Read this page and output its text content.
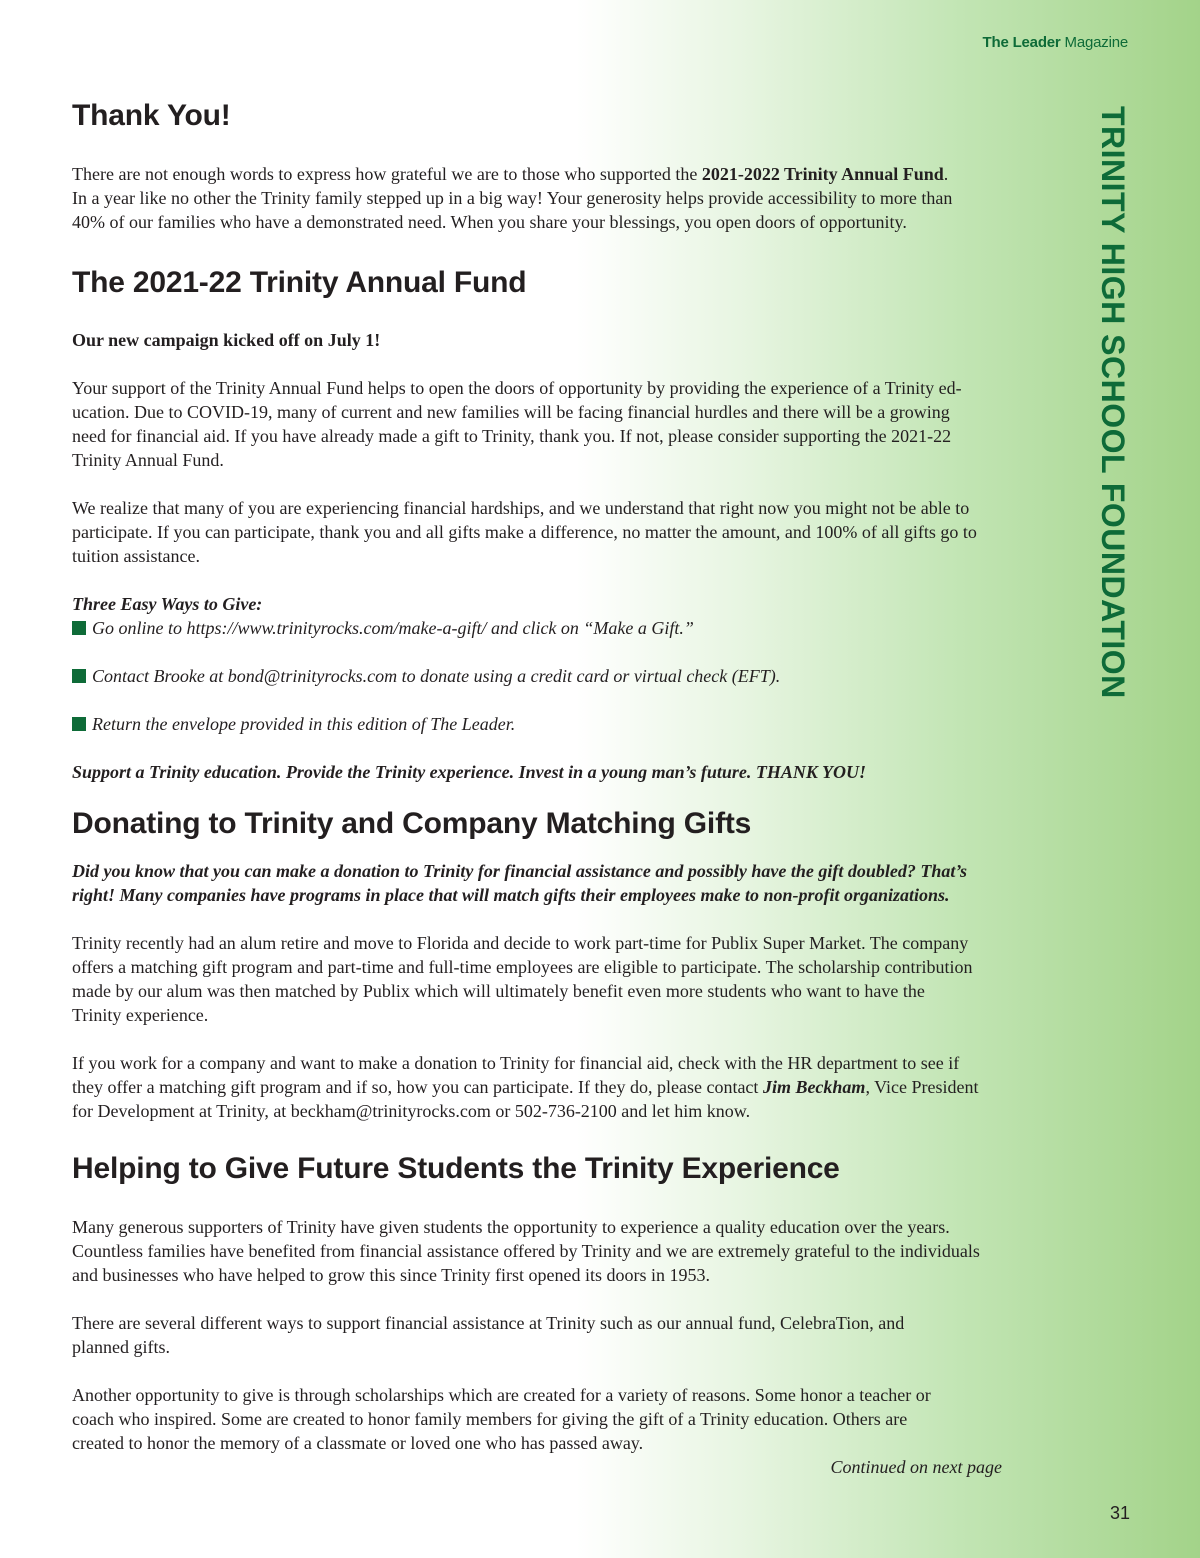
The Leader Magazine
TRINITY HIGH SCHOOL FOUNDATION
Thank You!

There are not enough words to express how grateful we are to those who supported the 2021-2022 Trinity Annual Fund.
In a year like no other the Trinity family stepped up in a big way! Your generosity helps provide accessibility to more than
40% of our families who have a demonstrated need. When you share your blessings, you open doors of opportunity.

The 2021-22 Trinity Annual Fund

Our new campaign kicked off on July 1!

Your support of the Trinity Annual Fund helps to open the doors of opportunity by providing the experience of a Trinity ed-
ucation. Due to COVID-19, many of current and new families will be facing financial hurdles and there will be a growing
need for financial aid. If you have already made a gift to Trinity, thank you. If not, please consider supporting the 2021-22
Trinity Annual Fund.

We realize that many of you are experiencing financial hardships, and we understand that right now you might not be able to
participate. If you can participate, thank you and all gifts make a difference, no matter the amount, and 100% of all gifts go to
tuition assistance.

Three Easy Ways to Give:

Go online to https://www.trinityrocks.com/make-a-gift/ and click on “Make a Gift.”

Contact Brooke at bond@trinityrocks.com to donate using a credit card or virtual check (EFT).

Return the envelope provided in this edition of The Leader.

Support a Trinity education. Provide the Trinity experience. Invest in a young man’s future. THANK YOU!

Donating to Trinity and Company Matching Gifts

Did you know that you can make a donation to Trinity for financial assistance and possibly have the gift doubled? That’s
right! Many companies have programs in place that will match gifts their employees make to non-profit organizations.

Trinity recently had an alum retire and move to Florida and decide to work part-time for Publix Super Market. The company
offers a matching gift program and part-time and full-time employees are eligible to participate. The scholarship contribution
made by our alum was then matched by Publix which will ultimately benefit even more students who want to have the
Trinity experience.

If you work for a company and want to make a donation to Trinity for financial aid, check with the HR department to see if
they offer a matching gift program and if so, how you can participate. If they do, please contact Jim Beckham, Vice President
for Development at Trinity, at beckham@trinityrocks.com or 502-736-2100 and let him know.

Helping to Give Future Students the Trinity Experience

Many generous supporters of Trinity have given students the opportunity to experience a quality education over the years.
Countless families have benefited from financial assistance offered by Trinity and we are extremely grateful to the individuals
and businesses who have helped to grow this since Trinity first opened its doors in 1953.

There are several different ways to support financial assistance at Trinity such as our annual fund, CelebraTion, and
planned gifts.

Another opportunity to give is through scholarships which are created for a variety of reasons. Some honor a teacher or
coach who inspired. Some are created to honor family members for giving the gift of a Trinity education. Others are
created to honor the memory of a classmate or loved one who has passed away.

Continued on next page

31
